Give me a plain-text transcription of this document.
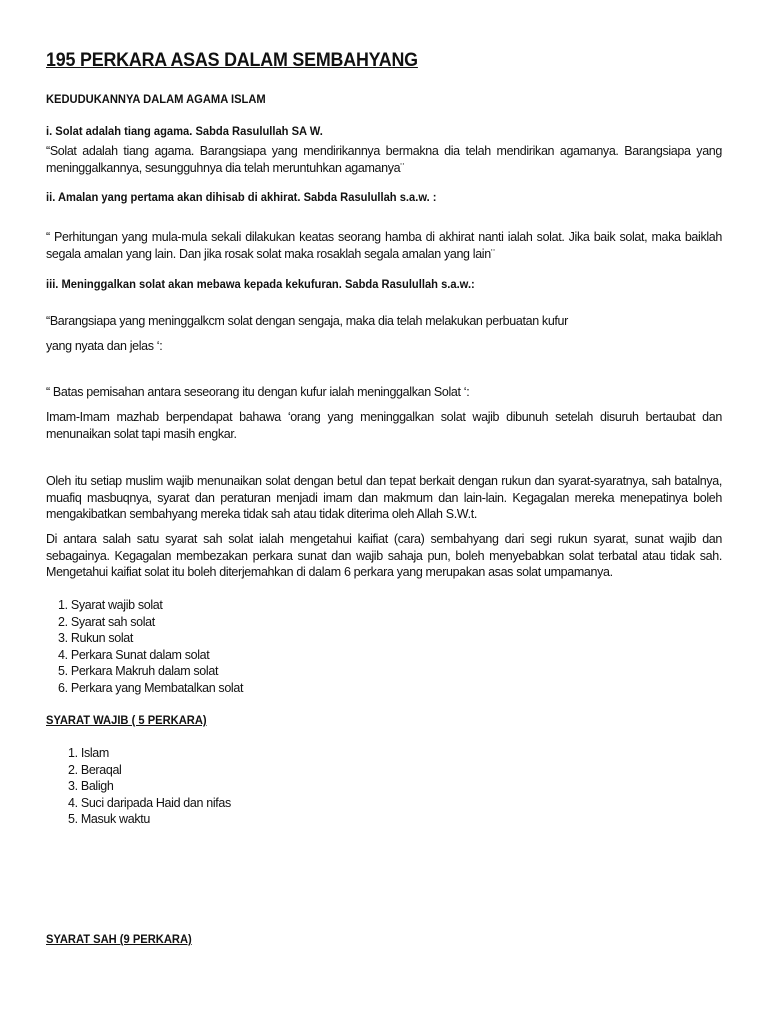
195 PERKARA ASAS DALAM SEMBAHYANG
KEDUDUKANNYA DALAM AGAMA ISLAM
i. Solat adalah tiang agama. Sabda Rasulullah SA W.

“Solat adalah tiang agama. Barangsiapa yang mendirikannya bermakna dia telah mendirikan agamanya. Barangsiapa yang meninggalkannya, sesungguhnya dia telah meruntuhkan agamanya¨

ii. Amalan yang pertama akan dihisab di akhirat. Sabda Rasulullah s.a.w. :

“ Perhitungan yang mula-mula sekali dilakukan keatas seorang hamba di akhirat nanti ialah solat. Jika baik solat, maka baiklah segala amalan yang lain. Dan jika rosak solat maka rosaklah segala amalan yang lain¨

iii. Meninggalkan solat akan mebawa kepada kekufuran. Sabda Rasulullah s.a.w.:
“Barangsiapa yang meninggalkcm solat dengan sengaja, maka dia telah melakukan perbuatan kufur
yang nyata dan jelas ‘:
“ Batas pemisahan antara seseorang itu dengan kufur ialah meninggalkan Solat ‘:

Imam-Imam mazhab berpendapat bahawa ‘orang yang meninggalkan solat wajib dibunuh setelah disuruh bertaubat dan menunaikan solat tapi masih engkar.

Oleh itu setiap muslim wajib menunaikan solat dengan betul dan tepat berkait dengan rukun dan syarat-syaratnya, sah batalnya, muafiq masbuqnya, syarat dan peraturan menjadi imam dan makmum dan lain-lain. Kegagalan mereka menepatinya boleh mengakibatkan sembahyang mereka tidak sah atau tidak diterima oleh Allah S.W.t.

Di antara salah satu syarat sah solat ialah mengetahui kaifiat (cara) sembahyang dari segi rukun syarat, sunat wajib dan sebagainya. Kegagalan membezakan perkara sunat dan wajib sahaja pun, boleh menyebabkan solat terbatal atau tidak sah. Mengetahui kaifiat solat itu boleh diterjemahkan di dalam 6 perkara yang merupakan asas solat umpamanya.

1. Syarat wajib solat
2. Syarat sah solat
3. Rukun solat
4. Perkara Sunat dalam solat
5. Perkara Makruh dalam solat
6. Perkara yang Membatalkan solat
SYARAT WAJIB ( 5 PERKARA)
1. Islam
2. Beraqal
3. Baligh
4. Suci daripada Haid dan nifas
5. Masuk waktu
SYARAT SAH (9 PERKARA)
